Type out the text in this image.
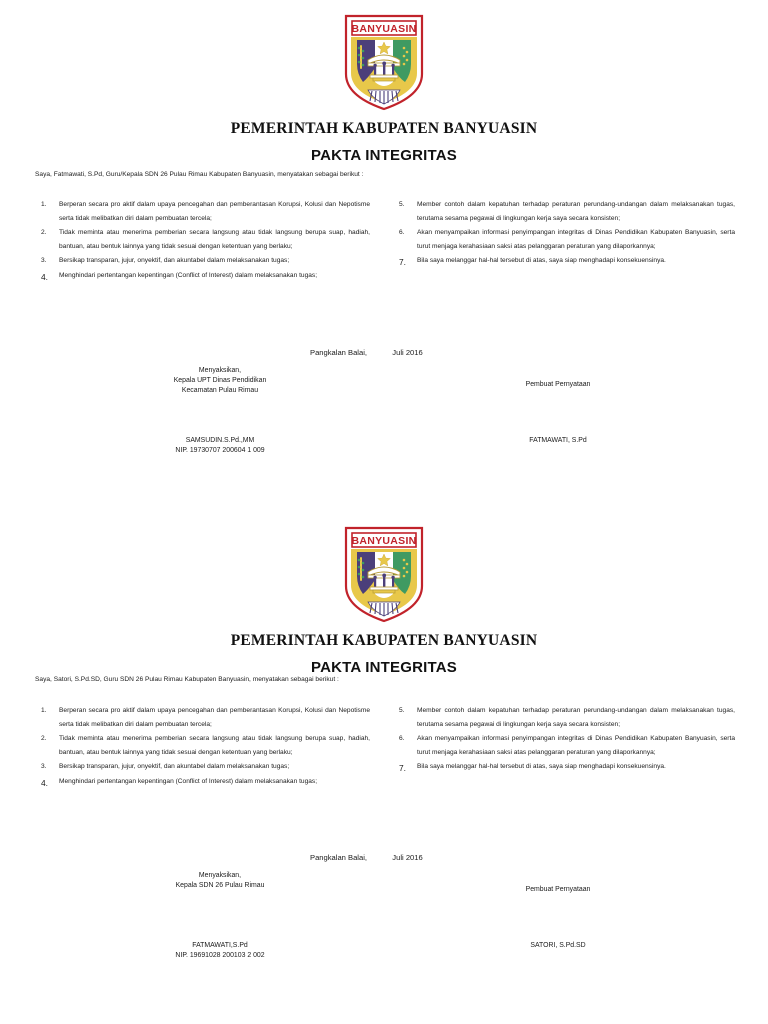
BANYUASIN
PEMERINTAH KABUPATEN BANYUASIN
PAKTA INTEGRITAS
Saya, Fatmawati, S.Pd, Guru/Kepala SDN 26 Pulau Rimau Kabupaten Banyuasin, menyatakan sebagai berikut :
1.	Berperan secara pro aktif dalam upaya pencegahan dan pemberantasan Korupsi, Kolusi dan Nepotisme serta tidak melibatkan diri dalam pembuatan tercela;
2.	Tidak meminta atau menerima pemberian secara langsung atau tidak langsung berupa suap, hadiah, bantuan, atau bentuk lainnya yang tidak sesuai dengan ketentuan yang berlaku;
3.	Bersikap transparan, jujur, onyektif, dan akuntabel dalam melaksanakan tugas;
4.	Menghindari pertentangan kepentingan (Conflict of Interest) dalam melaksanakan tugas;
5.	Member contoh dalam kepatuhan terhadap peraturan perundang-undangan dalam melaksanakan tugas, terutama sesama pegawai di lingkungan kerja saya secara konsisten;
6.	Akan menyampaikan informasi penyimpangan integritas di Dinas Pendidikan Kabupaten Banyuasin, serta turut menjaga kerahasiaan saksi atas pelanggaran peraturan yang dilaporkannya;
7.	Bila saya melanggar hal-hal tersebut di atas, saya siap menghadapi konsekuensinya.
Pangkalan Balai,            Juli 2016
Menyaksikan,
Kepala UPT Dinas Pendidikan
Kecamatan Pulau Rimau
Pembuat Pernyataan
SAMSUDIN.S.Pd.,MM
NIP. 19730707 200604 1 009
FATMAWATI, S.Pd
BANYUASIN
PEMERINTAH KABUPATEN BANYUASIN
PAKTA INTEGRITAS
Saya, Satori, S.Pd.SD, Guru SDN 26 Pulau Rimau Kabupaten Banyuasin, menyatakan sebagai berikut :
1.	Berperan secara pro aktif dalam upaya pencegahan dan pemberantasan Korupsi, Kolusi dan Nepotisme serta tidak melibatkan diri dalam pembuatan tercela;
2.	Tidak meminta atau menerima pemberian secara langsung atau tidak langsung berupa suap, hadiah, bantuan, atau bentuk lainnya yang tidak sesuai dengan ketentuan yang berlaku;
3.	Bersikap transparan, jujur, onyektif, dan akuntabel dalam melaksanakan tugas;
4.	Menghindari pertentangan kepentingan (Conflict of Interest) dalam melaksanakan tugas;
5.	Member contoh dalam kepatuhan terhadap peraturan perundang-undangan dalam melaksanakan tugas, terutama sesama pegawai di lingkungan kerja saya secara konsisten;
6.	Akan menyampaikan informasi penyimpangan integritas di Dinas Pendidikan Kabupaten Banyuasin, serta turut menjaga kerahasiaan saksi atas pelanggaran peraturan yang dilaporkannya;
7.	Bila saya melanggar hal-hal tersebut di atas, saya siap menghadapi konsekuensinya.
Pangkalan Balai,            Juli 2016
Menyaksikan,
Kepala SDN 26 Pulau Rimau
Pembuat Pernyataan
FATMAWATI,S.Pd
NIP. 19691028 200103 2 002
SATORI, S.Pd.SD
